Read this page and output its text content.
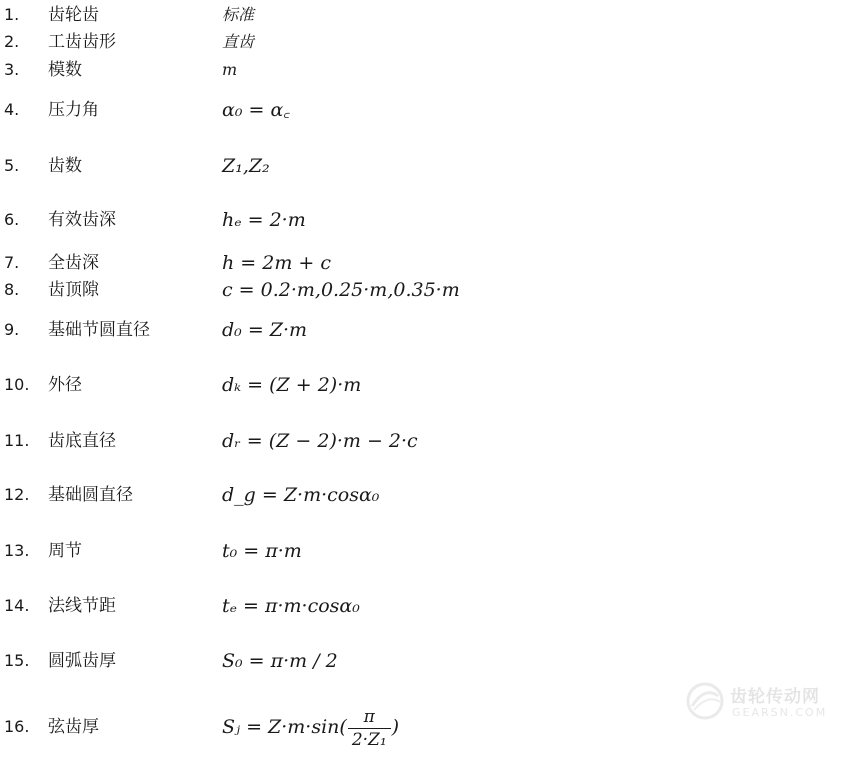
1. 齿轮齿	标准
2. 工齿齿形	直齿
3. 模数	m
4. 压力角	α₀ = α꜀
5. 齿数	Z₁,Z₂
6. 有效齿深	hₑ = 2·m
7. 全齿深	h = 2m + c
8. 齿顶隙	c = 0.2·m,0.25·m,0.35·m
9. 基础节圆直径	d₀ = Z·m
10. 外径	dₖ = (Z + 2)·m
11. 齿底直径	dᵣ = (Z − 2)·m − 2·c
12. 基础圆直径	d_g = Z·m·cosα₀
13. 周节	t₀ = π·m
14. 法线节距	tₑ = π·m·cosα₀
15. 圆弧齿厚	S₀ = π·m / 2
16. 弦齿厚	Sⱼ = $Z\cdot m\cdot\sin( \frac{\pi}{\text{2·Z₁}}$ )
齿轮传动网
GEARSN.COM
